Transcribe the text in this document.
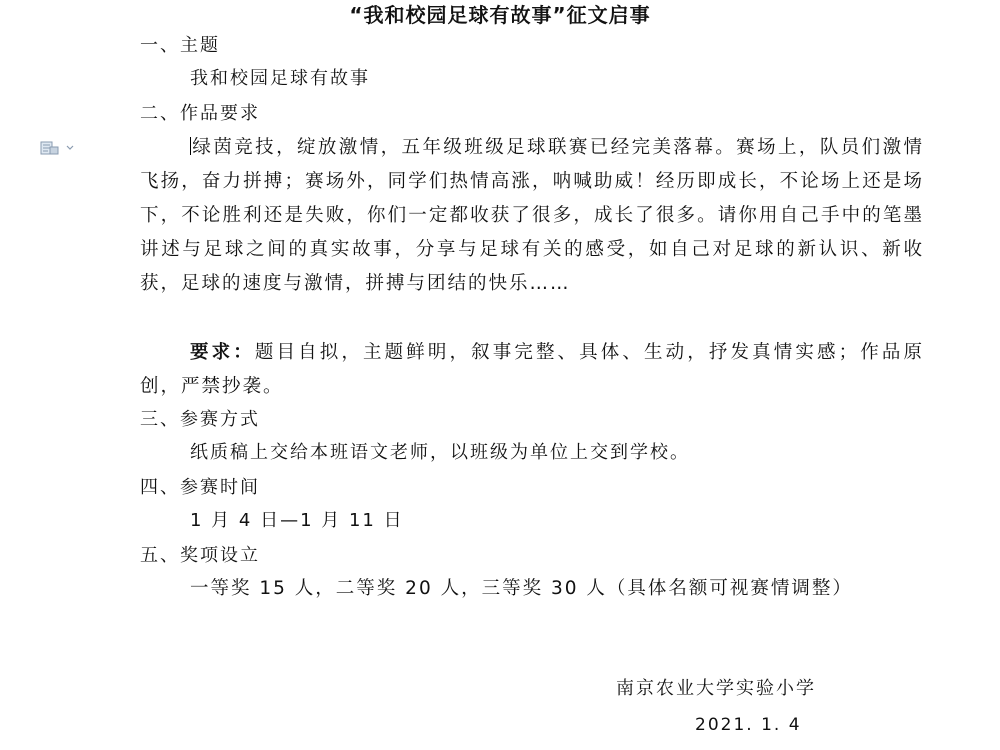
“我和校园足球有故事”征文启事
一、主题
我和校园足球有故事
二、作品要求

绿茵竞技，绽放激情，五年级班级足球联赛已经完美落幕。赛场上，队员们激情飞扬，奋力拼搏；赛场外，同学们热情高涨，呐喊助威！经历即成长，不论场上还是场下，不论胜利还是失败，你们一定都收获了很多，成长了很多。请你用自己手中的笔墨讲述与足球之间的真实故事，分享与足球有关的感受，如自己对足球的新认识、新收获，足球的速度与激情，拼搏与团结的快乐……

要求：题目自拟，主题鲜明，叙事完整、具体、生动，抒发真情实感；作品原创，严禁抄袭。

三、参赛方式
纸质稿上交给本班语文老师，以班级为单位上交到学校。
四、参赛时间
1 月 4 日—1 月 11 日
五、奖项设立

一等奖 15 人，二等奖 20 人，三等奖 30 人（具体名额可视赛情调整）

南京农业大学实验小学
2021. 1. 4
